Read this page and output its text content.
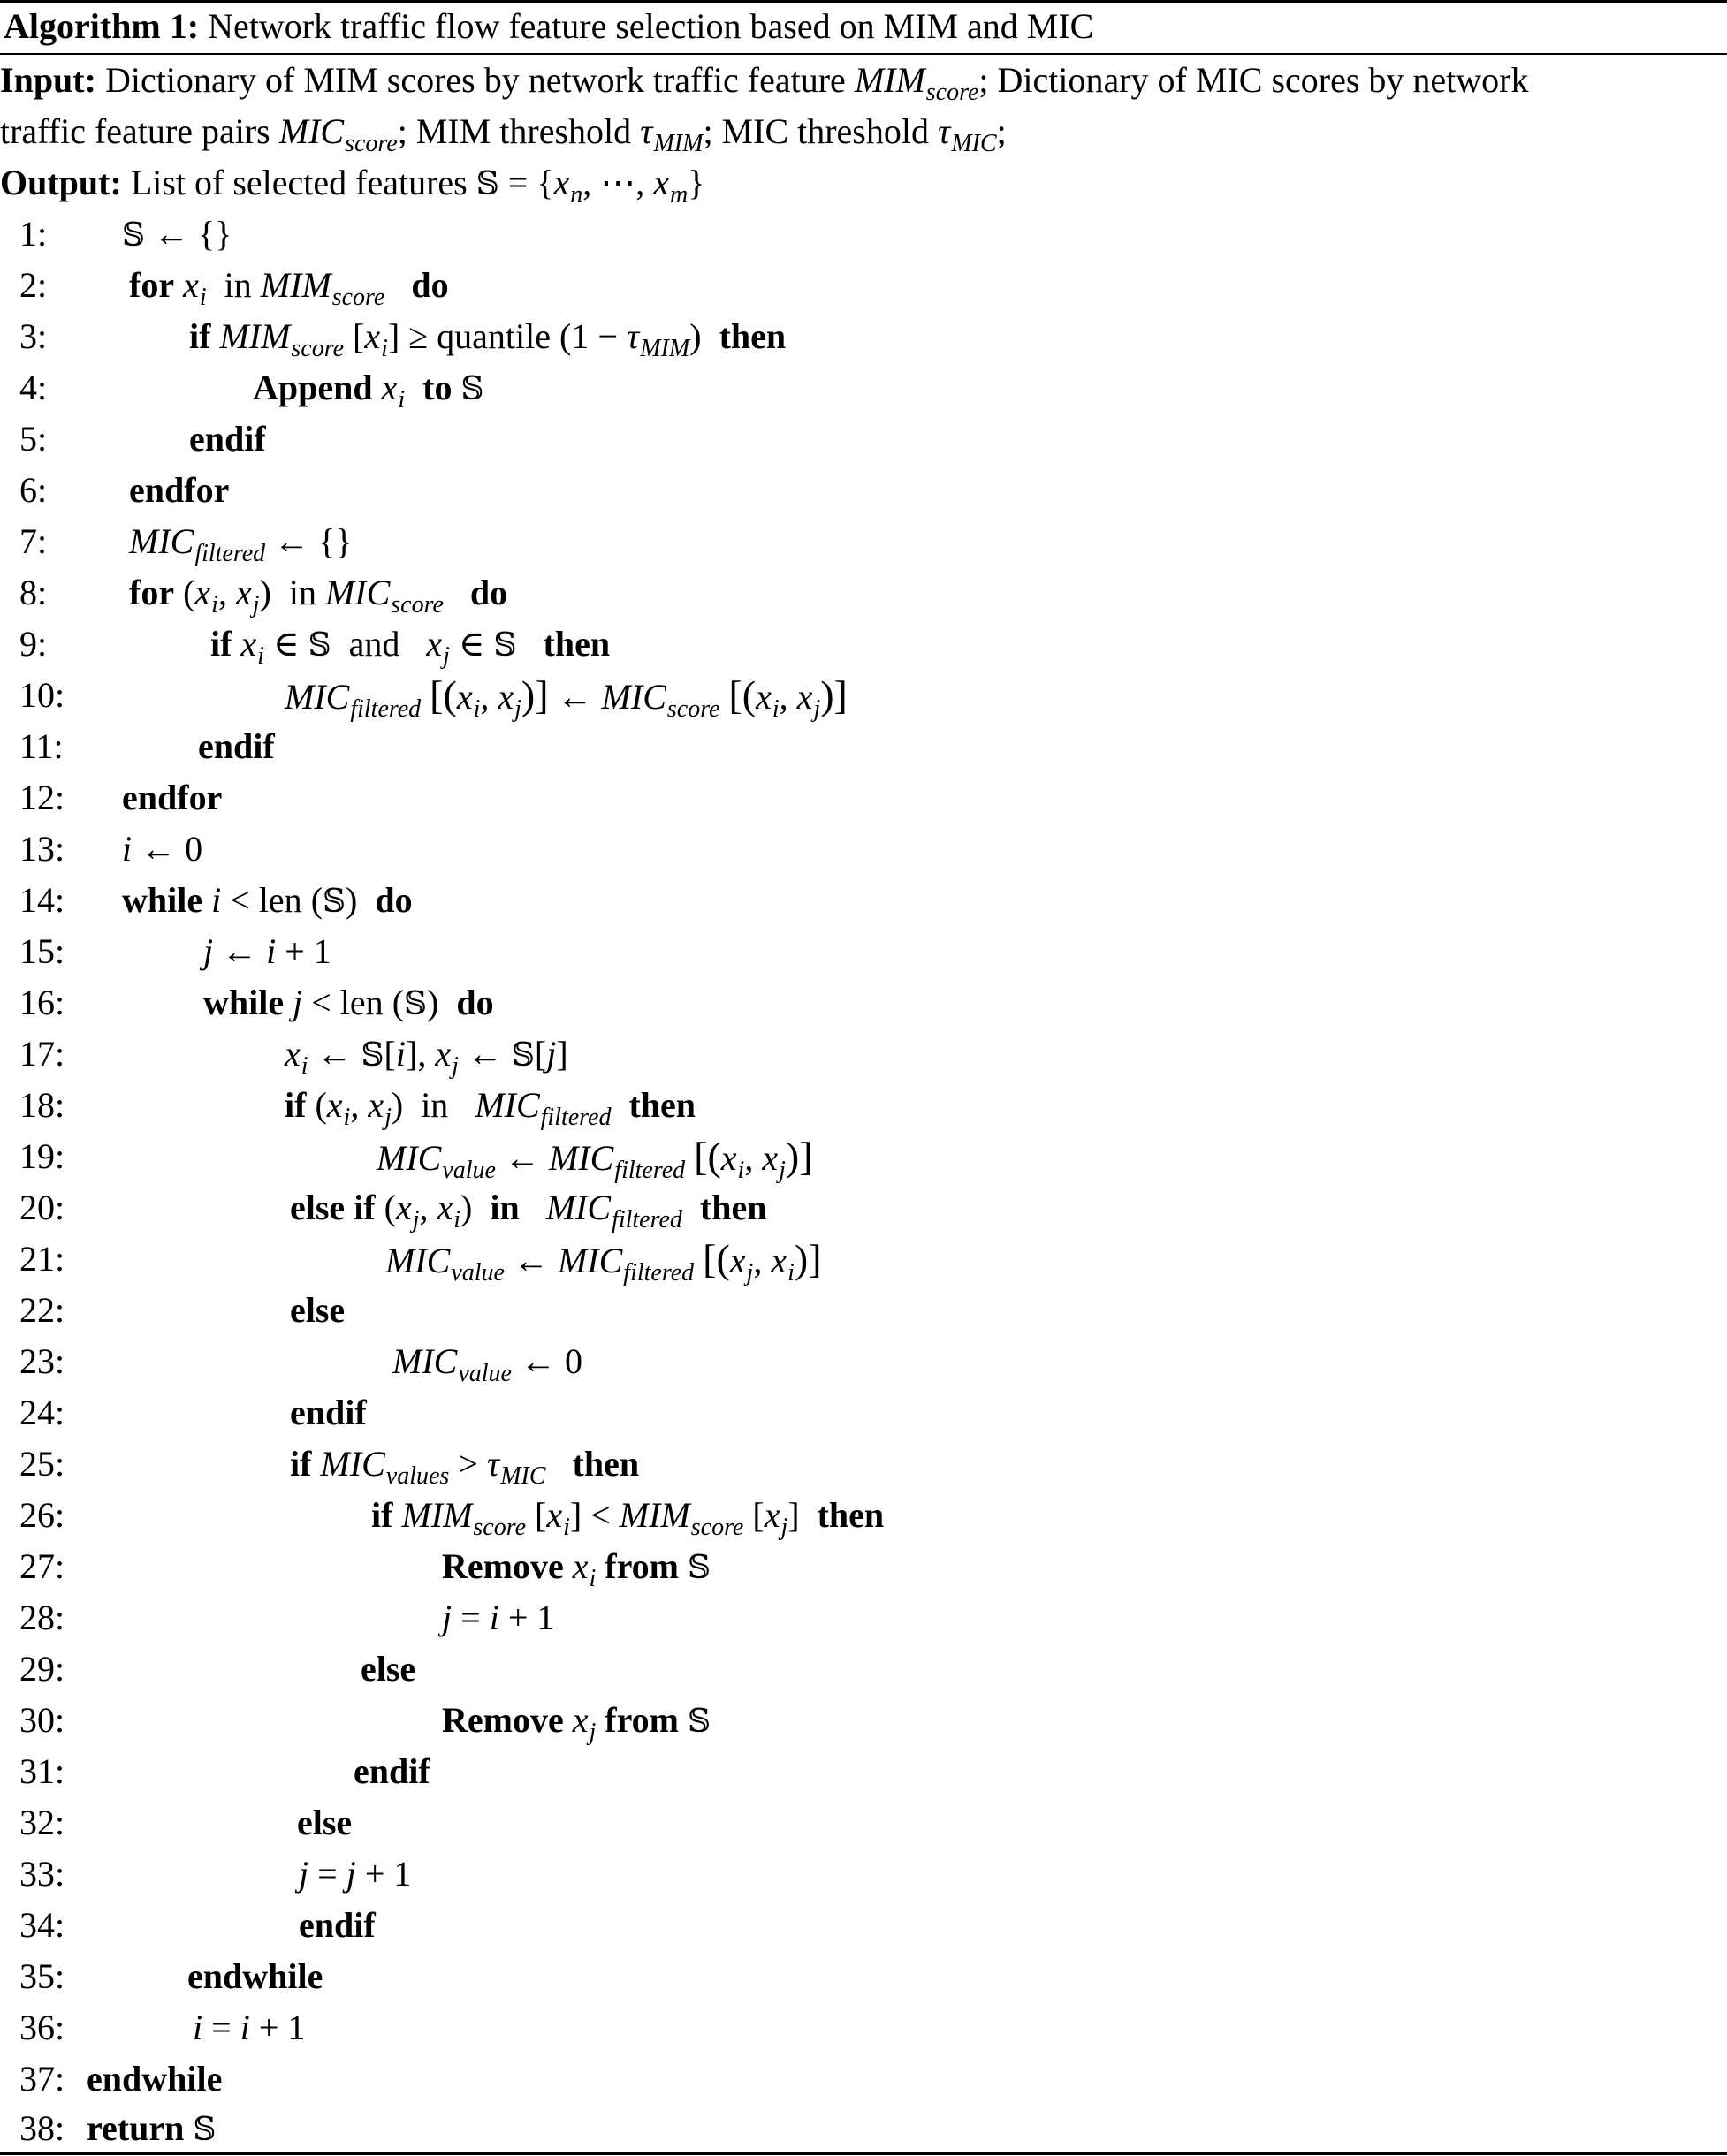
Algorithm 1: Network traffic flow feature selection based on MIM and MIC
Input: Dictionary of MIM scores by network traffic feature $MIM_{score}$; Dictionary of MIC scores by network
traffic feature pairs $MIC_{score}$; MIM threshold $\tau_{MIM}$; MIC threshold $\tau_{MIC}$;
Output: List of selected features 𝕊 = {$x_n$, ⋯, $x_m$}
1:	𝕊 ← {}
2:	for $x_i$ in $MIM_{score}$ do
3:	if $MIM_{score}$ $[x_i]$ ≥ quantile $(1 - \tau_{MIM})$  then
4:	Append $x_i$ to 𝕊
5:	endif
6:	endfor
7:	$MIC_{filtered}$ ← {}
8:	for ($x_i$, $x_j$)  in $MIC_{score}$ do
9:	if $x_i$ ∈ 𝕊 and $x_j$ ∈ 𝕊 then
10:	$MIC_{filtered}$ [($x_i$, $x_j$)] ← $MIC_{score}$ [($x_i$, $x_j$)]
11:	endif
12: endfor
13: i ← 0
14: while i < len (𝕊)  do
15:	j ← i + 1
16:	while j < len (𝕊)  do
17:	$x_i$ ← 𝕊[i], $x_j$ ← 𝕊[j]
18:	if ($x_i$, $x_j$)  in $MIC_{filtered}$ then
19:	$MIC_{value}$ ← $MIC_{filtered}$ [($x_i$, $x_j$)]
20:	else if ($x_j$, $x_i$)  in $MIC_{filtered}$ then
21:	$MIC_{value}$ ← $MIC_{filtered}$ [($x_j$, $x_i$)]
22:	else
23:	$MIC_{value}$ ← 0
24:	endif
25:	if $MIC_{values} > \tau_{MIC}$ then
26:	if $MIM_{score}$ $[x_i] < MIM_{score}$ $[x_j]$  then
27:	Remove $x_i$ from 𝕊
28:	j = i + 1
29:	else
30:	Remove $x_j$ from 𝕊
31:	endif
32:	else
33:	j = j + 1
34:	endif
35:	endwhile
36:	i = i + 1
37: endwhile
38: return 𝕊
